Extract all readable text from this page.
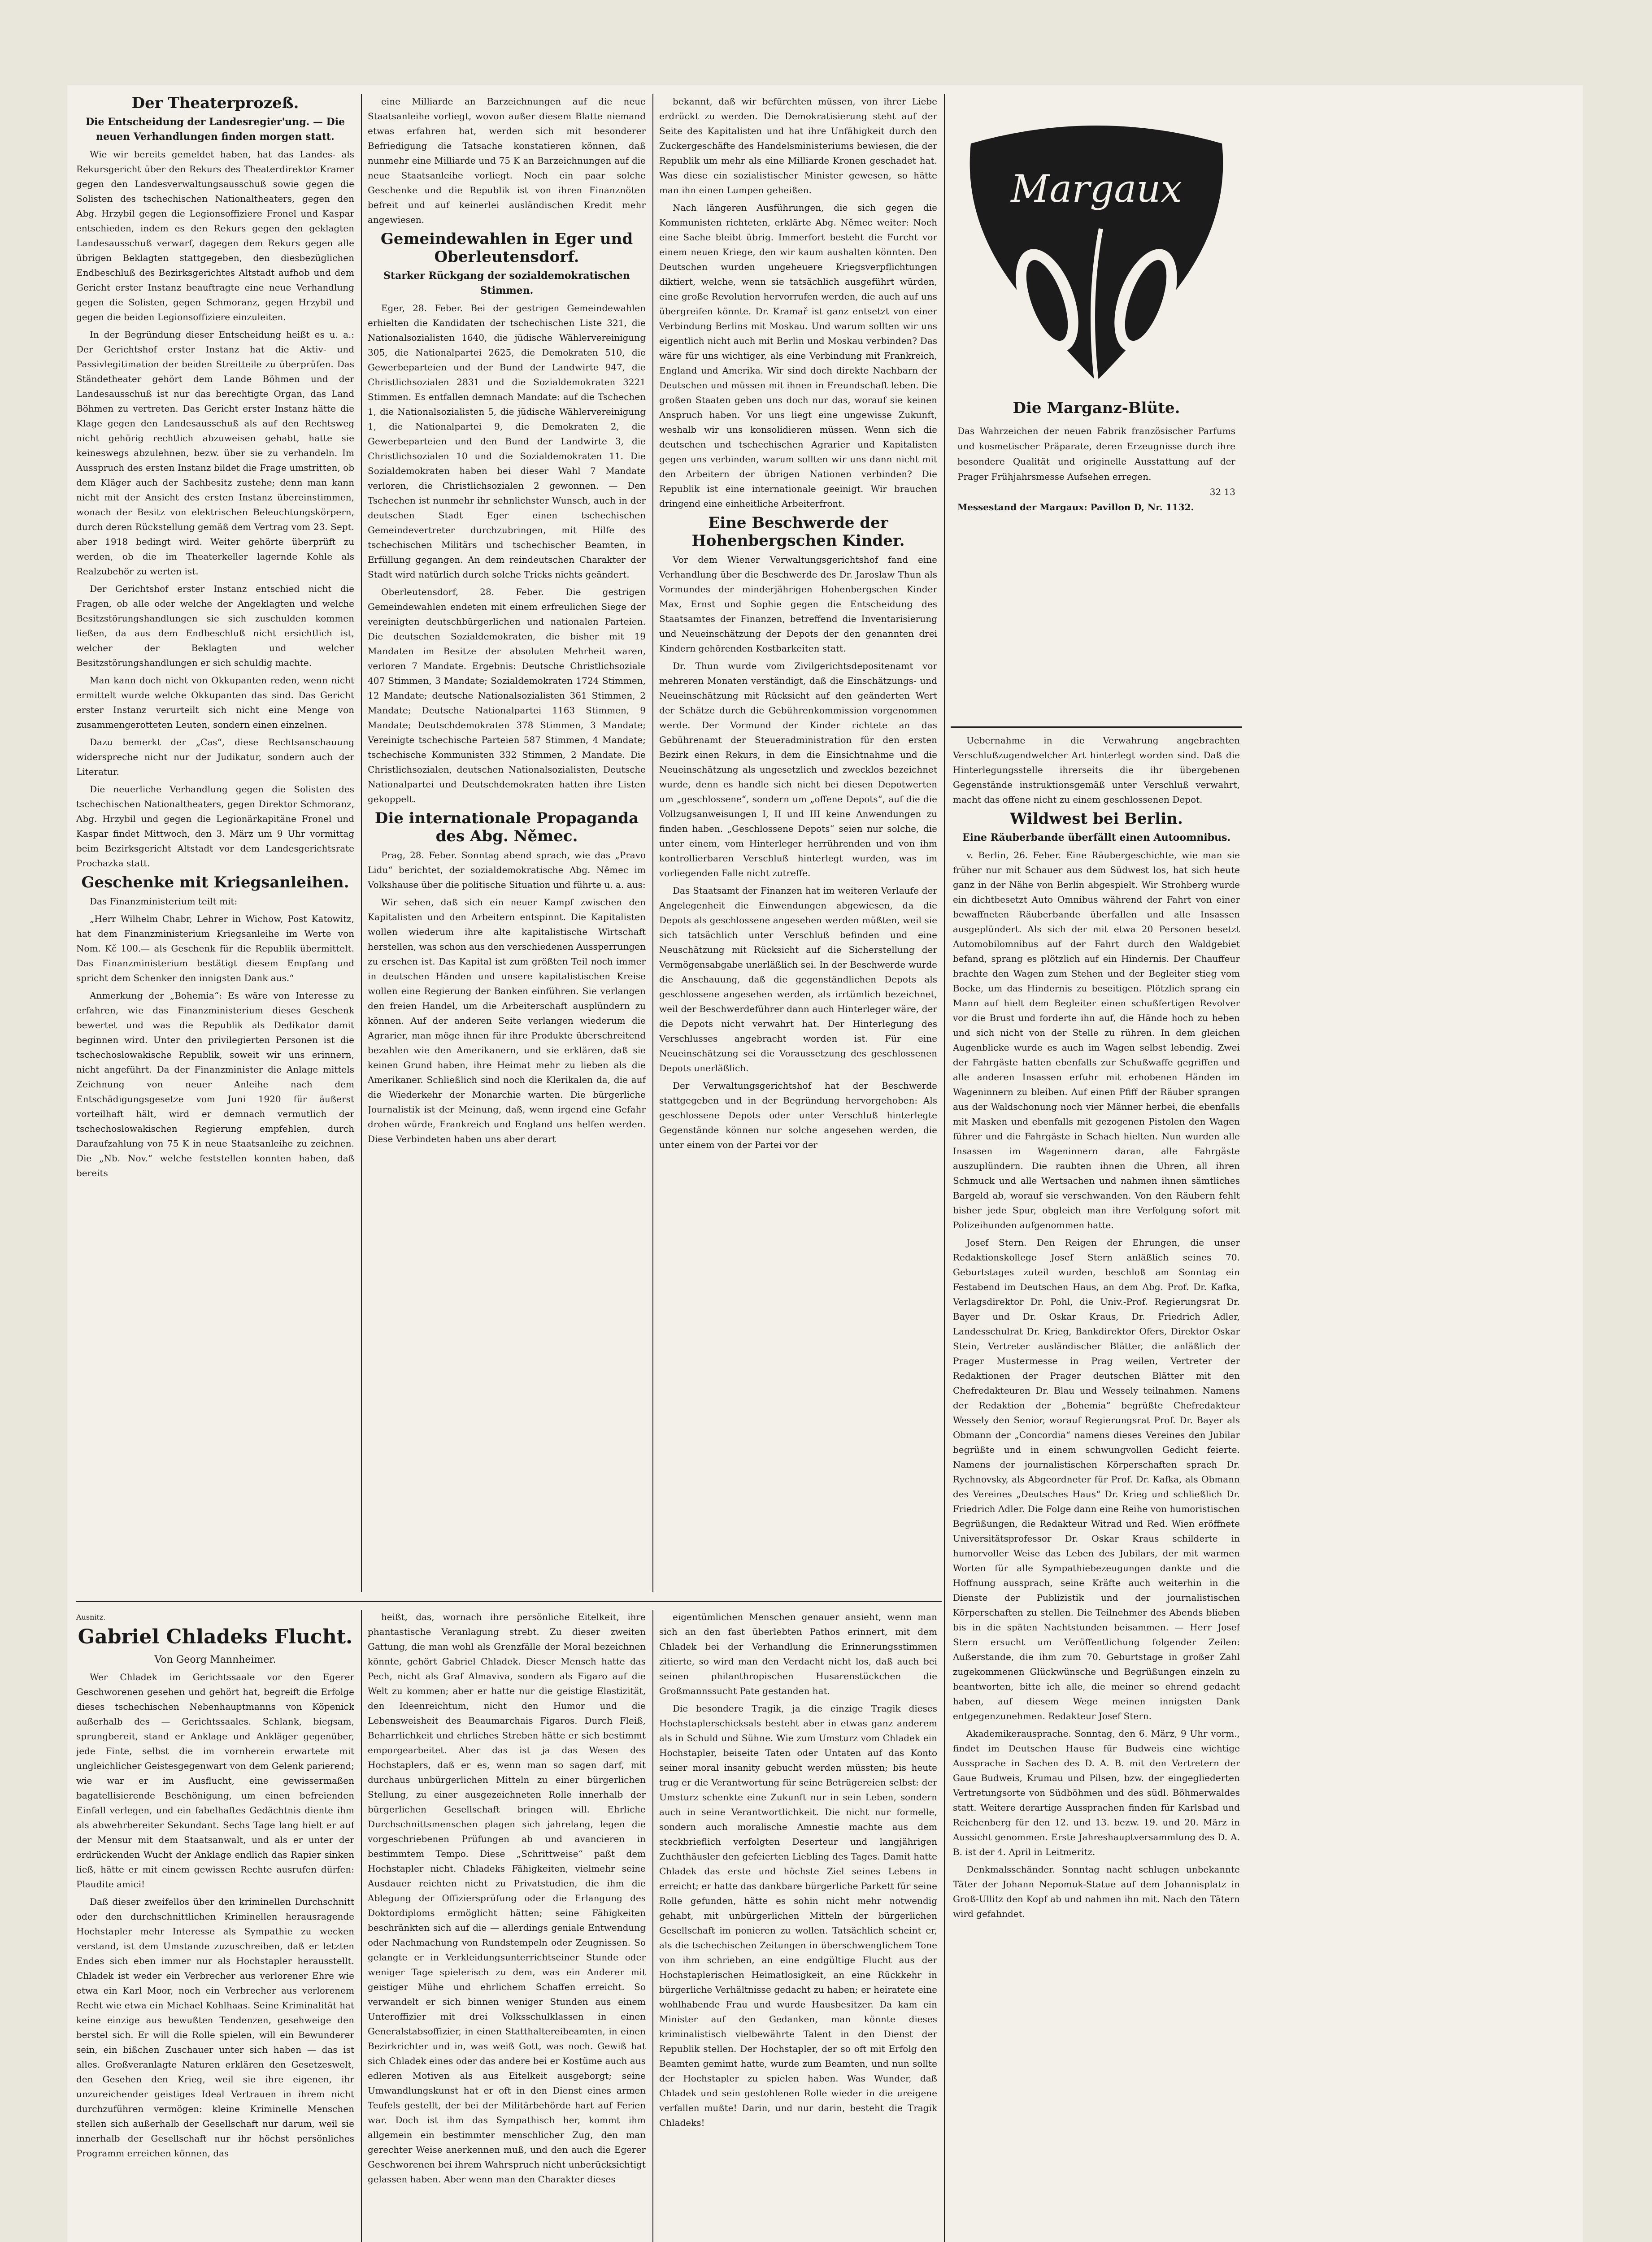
Der Theaterprozeß.

Die Entscheidung der Landesregier'ung. — Die neuen Verhandlungen finden morgen statt.

Wie wir bereits gemeldet haben, hat das Landes- als Rekursgericht über den Rekurs des Theaterdirektor Kramer gegen den Landesverwaltungsausschuß sowie gegen die Solisten des tschechischen Nationaltheaters, gegen den Abg. Hrzybil gegen die Legionsoffiziere Fronel und Kaspar entschieden, indem es den Rekurs gegen den geklagten Landesausschuß verwarf, dagegen dem Rekurs gegen alle übrigen Beklagten stattgegeben, den diesbezüglichen Endbeschluß des Bezirksgerichtes Altstadt aufhob und dem Gericht erster Instanz beauftragte eine neue Verhandlung gegen die Solisten, gegen Schmoranz, gegen Hrzybil und gegen die beiden Legionsoffiziere einzuleiten.

In der Begründung dieser Entscheidung heißt es u. a.: Der Gerichtshof erster Instanz hat die Aktiv- und Passivlegitimation der beiden Streitteile zu überprüfen. Das Ständetheater gehört dem Lande Böhmen und der Landesausschuß ist nur das berechtigte Organ, das Land Böhmen zu vertreten. Das Gericht erster Instanz hätte die Klage gegen den Landesausschuß als auf den Rechtsweg nicht gehörig rechtlich abzuweisen gehabt, hatte sie keineswegs abzulehnen, bezw. über sie zu verhandeln. Im Ausspruch des ersten Instanz bildet die Frage umstritten, ob dem Kläger auch der Sachbesitz zustehe; denn man kann nicht mit der Ansicht des ersten Instanz übereinstimmen, wonach der Besitz von elektrischen Beleuchtungskörpern, durch deren Rückstellung gemäß dem Vertrag vom 23. Sept. aber 1918 bedingt wird. Weiter gehörte überprüft zu werden, ob die im Theaterkeller lagernde Kohle als Realzubehör zu werten ist.

Der Gerichtshof erster Instanz entschied nicht die Fragen, ob alle oder welche der Angeklagten und welche Besitzstörungshandlungen sie sich zuschulden kommen ließen, da aus dem Endbeschluß nicht ersichtlich ist, welcher der Beklagten und welcher Besitzstörungshandlungen er sich schuldig machte.

Man kann doch nicht von Okkupanten reden, wenn nicht ermittelt wurde welche Okkupanten das sind. Das Gericht erster Instanz verurteilt sich nicht eine Menge von zusammengerotteten Leuten, sondern einen einzelnen.

Dazu bemerkt der „Cas“, diese Rechtsanschauung widerspreche nicht nur der Judikatur, sondern auch der Literatur.

Die neuerliche Verhandlung gegen die Solisten des tschechischen Nationaltheaters, gegen Direktor Schmoranz, Abg. Hrzybil und gegen die Legionärkapitäne Fronel und Kaspar findet Mittwoch, den 3. März um 9 Uhr vormittag beim Bezirksgericht Altstadt vor dem Landesgerichtsrate Prochazka statt.

Geschenke mit Kriegsanleihen.

Das Finanzministerium teilt mit:

„Herr Wilhelm Chabr, Lehrer in Wichow, Post Katowitz, hat dem Finanzministerium Kriegsanleihe im Werte von Nom. Kč 100.— als Geschenk für die Republik übermittelt. Das Finanzministerium bestätigt diesem Empfang und spricht dem Schenker den innigsten Dank aus.“

Anmerkung der „Bohemia“: Es wäre von Interesse zu erfahren, wie das Finanzministerium dieses Geschenk bewertet und was die Republik als Dedikator damit beginnen wird. Unter den privilegierten Personen ist die tschechoslowakische Republik, soweit wir uns erinnern, nicht angeführt. Da der Finanzminister die Anlage mittels Zeichnung von neuer Anleihe nach dem Entschädigungsgesetze vom Juni 1920 für äußerst vorteilhaft hält, wird er demnach vermutlich der tschechoslowakischen Regierung empfehlen, durch Daraufzahlung von 75 K in neue Staatsanleihe zu zeichnen. Die „Nb. Nov.“ welche feststellen konnten haben, daß bereits

eine Milliarde an Barzeichnungen auf die neue Staatsanleihe vorliegt, wovon außer diesem Blatte niemand etwas erfahren hat, werden sich mit besonderer Befriedigung die Tatsache konstatieren können, daß nunmehr eine Milliarde und 75 K an Barzeichnungen auf die neue Staatsanleihe vorliegt. Noch ein paar solche Geschenke und die Republik ist von ihren Finanznöten befreit und auf keinerlei ausländischen Kredit mehr angewiesen.

Gemeindewahlen in Eger und Oberleutensdorf.

Starker Rückgang der sozialdemokratischen Stimmen.

Eger, 28. Feber. Bei der gestrigen Gemeindewahlen erhielten die Kandidaten der tschechischen Liste 321, die Nationalsozialisten 1640, die jüdische Wählervereinigung 305, die Nationalpartei 2625, die Demokraten 510, die Gewerbeparteien und der Bund der Landwirte 947, die Christlichsozialen 2831 und die Sozialdemokraten 3221 Stimmen. Es entfallen demnach Mandate: auf die Tschechen 1, die Nationalsozialisten 5, die jüdische Wählervereinigung 1, die Nationalpartei 9, die Demokraten 2, die Gewerbeparteien und den Bund der Landwirte 3, die Christlichsozialen 10 und die Sozialdemokraten 11. Die Sozialdemokraten haben bei dieser Wahl 7 Mandate verloren, die Christlichsozialen 2 gewonnen. — Den Tschechen ist nunmehr ihr sehnlichster Wunsch, auch in der deutschen Stadt Eger einen tschechischen Gemeindevertreter durchzubringen, mit Hilfe des tschechischen Militärs und tschechischer Beamten, in Erfüllung gegangen. An dem reindeutschen Charakter der Stadt wird natürlich durch solche Tricks nichts geändert.

Oberleutensdorf, 28. Feber. Die gestrigen Gemeindewahlen endeten mit einem erfreulichen Siege der vereinigten deutschbürgerlichen und nationalen Parteien. Die deutschen Sozialdemokraten, die bisher mit 19 Mandaten im Besitze der absoluten Mehrheit waren, verloren 7 Mandate. Ergebnis: Deutsche Christlichsoziale 407 Stimmen, 3 Mandate; Sozialdemokraten 1724 Stimmen, 12 Mandate; deutsche Nationalsozialisten 361 Stimmen, 2 Mandate; Deutsche Nationalpartei 1163 Stimmen, 9 Mandate; Deutschdemokraten 378 Stimmen, 3 Mandate; Vereinigte tschechische Parteien 587 Stimmen, 4 Mandate; tschechische Kommunisten 332 Stimmen, 2 Mandate. Die Christlichsozialen, deutschen Nationalsozialisten, Deutsche Nationalpartei und Deutschdemokraten hatten ihre Listen gekoppelt.

Die internationale Propaganda des Abg. Němec.

Prag, 28. Feber. Sonntag abend sprach, wie das „Pravo Lidu“ berichtet, der sozialdemokratische Abg. Němec im Volkshause über die politische Situation und führte u. a. aus:

Wir sehen, daß sich ein neuer Kampf zwischen den Kapitalisten und den Arbeitern entspinnt. Die Kapitalisten wollen wiederum ihre alte kapitalistische Wirtschaft herstellen, was schon aus den verschiedenen Aussperrungen zu ersehen ist. Das Kapital ist zum größten Teil noch immer in deutschen Händen und unsere kapitalistischen Kreise wollen eine Regierung der Banken einführen. Sie verlangen den freien Handel, um die Arbeiterschaft ausplündern zu können. Auf der anderen Seite verlangen wiederum die Agrarier, man möge ihnen für ihre Produkte überschreitend bezahlen wie den Amerikanern, und sie erklären, daß sie keinen Grund haben, ihre Heimat mehr zu lieben als die Amerikaner. Schließlich sind noch die Klerikalen da, die auf die Wiederkehr der Monarchie warten. Die bürgerliche Journalistik ist der Meinung, daß, wenn irgend eine Gefahr drohen würde, Frankreich und England uns helfen werden. Diese Verbindeten haben uns aber derart

bekannt, daß wir befürchten müssen, von ihrer Liebe erdrückt zu werden. Die Demokratisierung steht auf der Seite des Kapitalisten und hat ihre Unfähigkeit durch den Zuckergeschäfte des Handelsministeriums bewiesen, die der Republik um mehr als eine Milliarde Kronen geschadet hat. Was diese ein sozialistischer Minister gewesen, so hätte man ihn einen Lumpen geheißen.

Nach längeren Ausführungen, die sich gegen die Kommunisten richteten, erklärte Abg. Němec weiter: Noch eine Sache bleibt übrig. Immerfort besteht die Furcht vor einem neuen Kriege, den wir kaum aushalten könnten. Den Deutschen wurden ungeheuere Kriegsverpflichtungen diktiert, welche, wenn sie tatsächlich ausgeführt würden, eine große Revolution hervorrufen werden, die auch auf uns übergreifen könnte. Dr. Kramař ist ganz entsetzt von einer Verbindung Berlins mit Moskau. Und warum sollten wir uns eigentlich nicht auch mit Berlin und Moskau verbinden? Das wäre für uns wichtiger, als eine Verbindung mit Frankreich, England und Amerika. Wir sind doch direkte Nachbarn der Deutschen und müssen mit ihnen in Freundschaft leben. Die großen Staaten geben uns doch nur das, worauf sie keinen Anspruch haben. Vor uns liegt eine ungewisse Zukunft, weshalb wir uns konsolidieren müssen. Wenn sich die deutschen und tschechischen Agrarier und Kapitalisten gegen uns verbinden, warum sollten wir uns dann nicht mit den Arbeitern der übrigen Nationen verbinden? Die Republik ist eine internationale geeinigt. Wir brauchen dringend eine einheitliche Arbeiterfront.

Eine Beschwerde der Hohenbergschen Kinder.

Vor dem Wiener Verwaltungsgerichtshof fand eine Verhandlung über die Beschwerde des Dr. Jaroslaw Thun als Vormundes der minderjährigen Hohenbergschen Kinder Max, Ernst und Sophie gegen die Entscheidung des Staatsamtes der Finanzen, betreffend die Inventarisierung und Neueinschätzung der Depots der den genannten drei Kindern gehörenden Kostbarkeiten statt.

Dr. Thun wurde vom Zivilgerichtsdepositenamt vor mehreren Monaten verständigt, daß die Einschätzungs- und Neueinschätzung mit Rücksicht auf den geänderten Wert der Schätze durch die Gebührenkommission vorgenommen werde. Der Vormund der Kinder richtete an das Gebührenamt der Steueradministration für den ersten Bezirk einen Rekurs, in dem die Einsichtnahme und die Neueinschätzung als ungesetzlich und zwecklos bezeichnet wurde, denn es handle sich nicht bei diesen Depotwerten um „geschlossene“, sondern um „offene Depots“, auf die die Vollzugsanweisungen I, II und III keine Anwendungen zu finden haben. „Geschlossene Depots“ seien nur solche, die unter einem, vom Hinterleger herrührenden und von ihm kontrollierbaren Verschluß hinterlegt wurden, was im vorliegenden Falle nicht zutreffe.

Das Staatsamt der Finanzen hat im weiteren Verlaufe der Angelegenheit die Einwendungen abgewiesen, da die Depots als geschlossene angesehen werden müßten, weil sie sich tatsächlich unter Verschluß befinden und eine Neuschätzung mit Rücksicht auf die Sicherstellung der Vermögensabgabe unerläßlich sei. In der Beschwerde wurde die Anschauung, daß die gegenständlichen Depots als geschlossene angesehen werden, als irrtümlich bezeichnet, weil der Beschwerdeführer dann auch Hinterleger wäre, der die Depots nicht verwahrt hat. Der Hinterlegung des Verschlusses angebracht worden ist. Für eine Neueinschätzung sei die Voraussetzung des geschlossenen Depots unerläßlich.

Der Verwaltungsgerichtshof hat der Beschwerde stattgegeben und in der Begründung hervorgehoben: Als geschlossene Depots oder unter Verschluß hinterlegte Gegenstände können nur solche angesehen werden, die unter einem von der Partei vor der

Margaux
Die Marganz-Blüte.
Das Wahrzeichen der neuen Fabrik französischer Parfums und kosmetischer Präparate, deren Erzeugnisse durch ihre besondere Qualität und originelle Ausstattung auf der Prager Frühjahrsmesse Aufsehen erregen.
32 13
Messestand der Margaux: Pavillon D, Nr. 1132.

Uebernahme in die Verwahrung angebrachten Verschlußzugendwelcher Art hinterlegt worden sind. Daß die Hinterlegungsstelle ihrerseits die ihr übergebenen Gegenstände instruktionsgemäß unter Verschluß verwahrt, macht das offene nicht zu einem geschlossenen Depot.

Wildwest bei Berlin.

Eine Räuberbande überfällt einen Autoomnibus.

v. Berlin, 26. Feber. Eine Räubergeschichte, wie man sie früher nur mit Schauer aus dem Südwest los, hat sich heute ganz in der Nähe von Berlin abgespielt. Wir Strohberg wurde ein dichtbesetzt Auto Omnibus während der Fahrt von einer bewaffneten Räuberbande überfallen und alle Insassen ausgeplündert. Als sich der mit etwa 20 Personen besetzt Automobilomnibus auf der Fahrt durch den Waldgebiet befand, sprang es plötzlich auf ein Hindernis. Der Chauffeur brachte den Wagen zum Stehen und der Begleiter stieg vom Bocke, um das Hindernis zu beseitigen. Plötzlich sprang ein Mann auf hielt dem Begleiter einen schußfertigen Revolver vor die Brust und forderte ihn auf, die Hände hoch zu heben und sich nicht von der Stelle zu rühren. In dem gleichen Augenblicke wurde es auch im Wagen selbst lebendig. Zwei der Fahrgäste hatten ebenfalls zur Schußwaffe gegriffen und alle anderen Insassen erfuhr mit erhobenen Händen im Wageninnern zu bleiben. Auf einen Pfiff der Räuber sprangen aus der Waldschonung noch vier Männer herbei, die ebenfalls mit Masken und ebenfalls mit gezogenen Pistolen den Wagen führer und die Fahrgäste in Schach hielten. Nun wurden alle Insassen im Wageninnern daran, alle Fahrgäste auszuplündern. Die raubten ihnen die Uhren, all ihren Schmuck und alle Wertsachen und nahmen ihnen sämtliches Bargeld ab, worauf sie verschwanden. Von den Räubern fehlt bisher jede Spur, obgleich man ihre Verfolgung sofort mit Polizeihunden aufgenommen hatte.

Josef Stern. Den Reigen der Ehrungen, die unser Redaktionskollege Josef Stern anläßlich seines 70. Geburtstages zuteil wurden, beschloß am Sonntag ein Festabend im Deutschen Haus, an dem Abg. Prof. Dr. Kafka, Verlagsdirektor Dr. Pohl, die Univ.-Prof. Regierungsrat Dr. Bayer und Dr. Oskar Kraus, Dr. Friedrich Adler, Landesschulrat Dr. Krieg, Bankdirektor Ofers, Direktor Oskar Stein, Vertreter ausländischer Blätter, die anläßlich der Prager Mustermesse in Prag weilen, Vertreter der Redaktionen der Prager deutschen Blätter mit den Chefredakteuren Dr. Blau und Wessely teilnahmen. Namens der Redaktion der „Bohemia“ begrüßte Chefredakteur Wessely den Senior, worauf Regierungsrat Prof. Dr. Bayer als Obmann der „Concordia“ namens dieses Vereines den Jubilar begrüßte und in einem schwungvollen Gedicht feierte. Namens der journalistischen Körperschaften sprach Dr. Rychnovsky, als Abgeordneter für Prof. Dr. Kafka, als Obmann des Vereines „Deutsches Haus“ Dr. Krieg und schließlich Dr. Friedrich Adler. Die Folge dann eine Reihe von humoristischen Begrüßungen, die Redakteur Witrad und Red. Wien eröffnete Universitätsprofessor Dr. Oskar Kraus schilderte in humorvoller Weise das Leben des Jubilars, der mit warmen Worten für alle Sympathiebezeugungen dankte und die Hoffnung aussprach, seine Kräfte auch weiterhin in die Dienste der Publizistik und der journalistischen Körperschaften zu stellen. Die Teilnehmer des Abends blieben bis in die späten Nachtstunden beisammen. — Herr Josef Stern ersucht um Veröffentlichung folgender Zeilen: Außerstande, die ihm zum 70. Geburtstage in großer Zahl zugekommenen Glückwünsche und Begrüßungen einzeln zu beantworten, bitte ich alle, die meiner so ehrend gedacht haben, auf diesem Wege meinen innigsten Dank entgegenzunehmen. Redakteur Josef Stern.

Akademikerausprache. Sonntag, den 6. März, 9 Uhr vorm., findet im Deutschen Hause für Budweis eine wichtige Aussprache in Sachen des D. A. B. mit den Vertretern der Gaue Budweis, Krumau und Pilsen, bzw. der eingegliederten Vertretungsorte von Südböhmen und des südl. Böhmerwaldes statt. Weitere derartige Aussprachen finden für Karlsbad und Reichenberg für den 12. und 13. bezw. 19. und 20. März in Aussicht genommen. Erste Jahreshauptversammlung des D. A. B. ist der 4. April in Leitmeritz.

Denkmalsschänder. Sonntag nacht schlugen unbekannte Täter der Johann Nepomuk-Statue auf dem Johannisplatz in Groß-Ullitz den Kopf ab und nahmen ihn mit. Nach den Tätern wird gefahndet.

Ausnitz.

Gabriel Chladeks Flucht.

Von Georg Mannheimer.

Wer Chladek im Gerichtssaale vor den Egerer Geschworenen gesehen und gehört hat, begreift die Erfolge dieses tschechischen Nebenhauptmanns von Köpenick außerhalb des — Gerichtssaales. Schlank, biegsam, sprungbereit, stand er Anklage und Ankläger gegenüber, jede Finte, selbst die im vornherein erwartete mit ungleichlicher Geistesgegenwart von dem Gelenk parierend; wie war er im Ausflucht, eine gewissermaßen bagatellisierende Beschönigung, um einen befreienden Einfall verlegen, und ein fabelhaftes Gedächtnis diente ihm als abwehrbereiter Sekundant. Sechs Tage lang hielt er auf der Mensur mit dem Staatsanwalt, und als er unter der erdrückenden Wucht der Anklage endlich das Rapier sinken ließ, hätte er mit einem gewissen Rechte ausrufen dürfen: Plaudite amici!

Daß dieser zweifellos über den kriminellen Durchschnitt oder den durchschnittlichen Kriminellen herausragende Hochstapler mehr Interesse als Sympathie zu wecken verstand, ist dem Umstande zuzuschreiben, daß er letzten Endes sich eben immer nur als Hochstapler herausstellt. Chladek ist weder ein Verbrecher aus verlorener Ehre wie etwa ein Karl Moor, noch ein Verbrecher aus verlorenem Recht wie etwa ein Michael Kohlhaas. Seine Kriminalität hat keine einzige aus bewußten Tendenzen, gesehweige den berstel sich. Er will die Rolle spielen, will ein Bewunderer sein, ein bißchen Zuschauer unter sich haben — das ist alles. Großveranlagte Naturen erklären den Gesetzeswelt, den Gesehen den Krieg, weil sie ihre eigenen, ihr unzureichender geistiges Ideal Vertrauen in ihrem nicht durchzuführen vermögen: kleine Kriminelle Menschen stellen sich außerhalb der Gesellschaft nur darum, weil sie innerhalb der Gesellschaft nur ihr höchst persönliches Programm erreichen können, das

heißt, das, wornach ihre persönliche Eitelkeit, ihre phantastische Veranlagung strebt. Zu dieser zweiten Gattung, die man wohl als Grenzfälle der Moral bezeichnen könnte, gehört Gabriel Chladek. Dieser Mensch hatte das Pech, nicht als Graf Almaviva, sondern als Figaro auf die Welt zu kommen; aber er hatte nur die geistige Elastizität, den Ideenreichtum, nicht den Humor und die Lebensweisheit des Beaumarchais Figaros. Durch Fleiß, Beharrlichkeit und ehrliches Streben hätte er sich bestimmt emporgearbeitet. Aber das ist ja das Wesen des Hochstaplers, daß er es, wenn man so sagen darf, mit durchaus unbürgerlichen Mitteln zu einer bürgerlichen Stellung, zu einer ausgezeichneten Rolle innerhalb der bürgerlichen Gesellschaft bringen will. Ehrliche Durchschnittsmenschen plagen sich jahrelang, legen die vorgeschriebenen Prüfungen ab und avancieren in bestimmtem Tempo. Diese „Schrittweise“ paßt dem Hochstapler nicht. Chladeks Fähigkeiten, vielmehr seine Ausdauer reichten nicht zu Privatstudien, die ihm die Ablegung der Offiziersprüfung oder die Erlangung des Doktordiploms ermöglicht hätten; seine Fähigkeiten beschränkten sich auf die — allerdings geniale Entwendung oder Nachmachung von Rundstempeln oder Zeugnissen. So gelangte er in Verkleidungsunterrichtseiner Stunde oder weniger Tage spielerisch zu dem, was ein Anderer mit geistiger Mühe und ehrlichem Schaffen erreicht. So verwandelt er sich binnen weniger Stunden aus einem Unteroffizier mit drei Volksschulklassen in einen Generalstabsoffizier, in einen Statthaltereibeamten, in einen Bezirkrichter und in, was weiß Gott, was noch. Gewiß hat sich Chladek eines oder das andere bei er Kostüme auch aus edleren Motiven als aus Eitelkeit ausgeborgt; seine Umwandlungskunst hat er oft in den Dienst eines armen Teufels gestellt, der bei der Militärbehörde hart auf Ferien war. Doch ist ihm das Sympathisch her, kommt ihm allgemein ein bestimmter menschlicher Zug, den man gerechter Weise anerkennen muß, und den auch die Egerer Geschworenen bei ihrem Wahrspruch nicht unberücksichtigt gelassen haben. Aber wenn man den Charakter dieses

eigentümlichen Menschen genauer ansieht, wenn man sich an den fast überlebten Pathos erinnert, mit dem Chladek bei der Verhandlung die Erinnerungsstimmen zitierte, so wird man den Verdacht nicht los, daß auch bei seinen philanthropischen Husarenstückchen die Großmannssucht Pate gestanden hat.

Die besondere Tragik, ja die einzige Tragik dieses Hochstaplerschicksals besteht aber in etwas ganz anderem als in Schuld und Sühne. Wie zum Umsturz vom Chladek ein Hochstapler, beiseite Taten oder Untaten auf das Konto seiner moral insanity gebucht werden müssten; bis heute trug er die Verantwortung für seine Betrügereien selbst: der Umsturz schenkte eine Zukunft nur in sein Leben, sondern auch in seine Verantwortlichkeit. Die nicht nur formelle, sondern auch moralische Amnestie machte aus dem steckbrieflich verfolgten Deserteur und langjährigen Zuchthäusler den gefeierten Liebling des Tages. Damit hatte Chladek das erste und höchste Ziel seines Lebens in erreicht; er hatte das dankbare bürgerliche Parkett für seine Rolle gefunden, hätte es sohin nicht mehr notwendig gehabt, mit unbürgerlichen Mitteln der bürgerlichen Gesellschaft im ponieren zu wollen. Tatsächlich scheint er, als die tschechischen Zeitungen in überschwenglichem Tone von ihm schrieben, an eine endgültige Flucht aus der Hochstaplerischen Heimatlosigkeit, an eine Rückkehr in bürgerliche Verhältnisse gedacht zu haben; er heiratete eine wohlhabende Frau und wurde Hausbesitzer. Da kam ein Minister auf den Gedanken, man könnte dieses kriminalistisch vielbewährte Talent in den Dienst der Republik stellen. Der Hochstapler, der so oft mit Erfolg den Beamten gemimt hatte, wurde zum Beamten, und nun sollte der Hochstapler zu spielen haben. Was Wunder, daß Chladek und sein gestohlenen Rolle wieder in die ureigene verfallen mußte! Darin, und nur darin, besteht die Tragik Chladeks!
